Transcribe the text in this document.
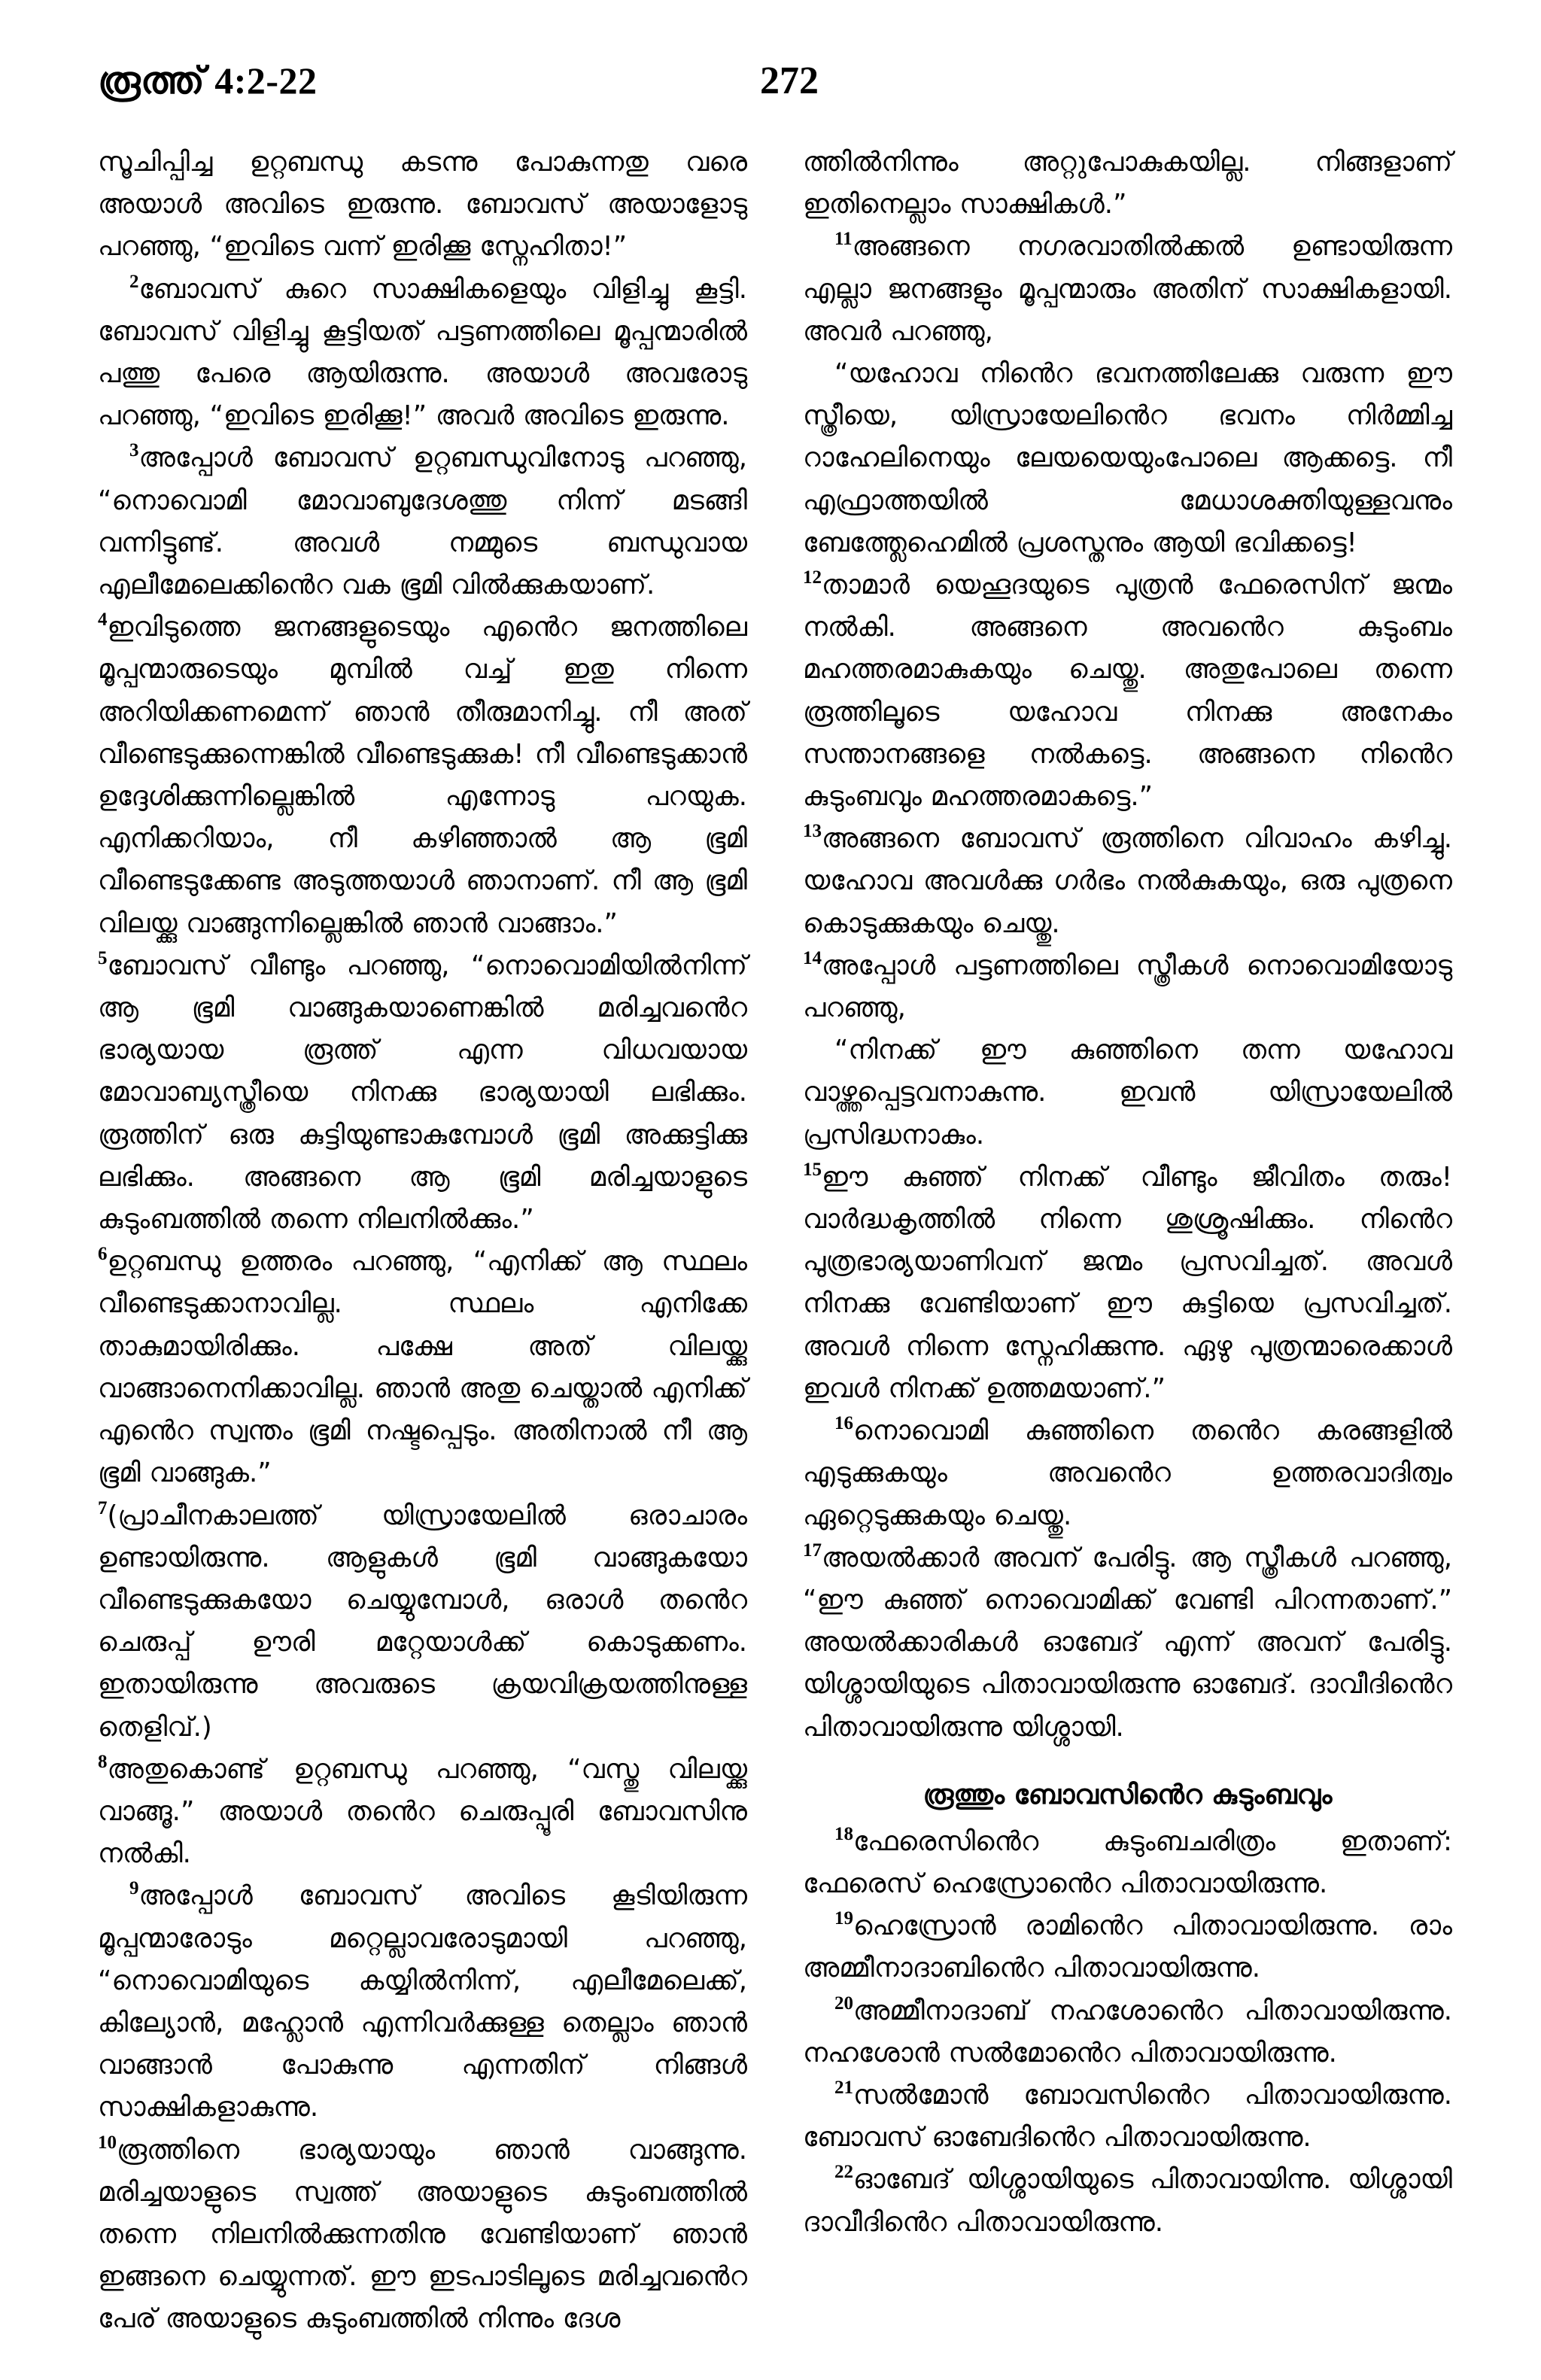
രൂത്ത് 4:2-22	272

സൂചിപ്പിച്ച ഉറ്റബന്ധു കടന്നു പോകുന്നതു വരെ അയാൾ അവിടെ ഇരുന്നു. ബോവസ് അയാളോടു പറഞ്ഞു, “ഇവിടെ വന്ന് ഇരിക്കൂ സ്നേഹിതാ!”

$^2$ബോവസ് കുറെ സാക്ഷികളെയും വിളിച്ചു കൂട്ടി. ബോവസ് വിളിച്ചു കൂട്ടിയത് പട്ടണത്തിലെ മൂപ്പന്മാരിൽ പത്തു പേരെ ആയിരുന്നു. അയാൾ അവരോടു പറഞ്ഞു, “ഇവിടെ ഇരിക്കൂ!” അവർ അവിടെ ഇരുന്നു.

$^3$അപ്പോൾ ബോവസ് ഉറ്റബന്ധുവിനോടു പറഞ്ഞു, “നൊവൊമി മോവാബുദേശത്തു നിന്ന് മടങ്ങി വന്നിട്ടുണ്ട്. അവൾ നമ്മുടെ ബന്ധുവായ എലീമേലെക്കിൻെറ വക ഭൂമി വിൽക്കുകയാണ്.

$^4$ഇവിടുത്തെ ജനങ്ങളുടെയും എൻെറ ജനത്തിലെ മൂപ്പന്മാരുടെയും മുമ്പിൽ വച്ച് ഇതു നിന്നെ അറിയിക്കണമെന്ന് ഞാൻ തീരുമാനിച്ചു. നീ അത് വീണ്ടെടുക്കുന്നെങ്കിൽ വീണ്ടെടുക്കുക! നീ വീണ്ടെടുക്കാൻ ഉദ്ദേശിക്കുന്നില്ലെങ്കിൽ എന്നോടു പറയുക. എനിക്കറിയാം, നീ കഴിഞ്ഞാൽ ആ ഭൂമി വീണ്ടെടുക്കേണ്ട അടുത്തയാൾ ഞാനാണ്. നീ ആ ഭൂമി വിലയ്ക്കു വാങ്ങുന്നില്ലെങ്കിൽ ഞാൻ വാങ്ങാം.”

$^5$ബോവസ് വീണ്ടും പറഞ്ഞു, “നൊവൊമിയിൽനിന്ന് ആ ഭൂമി വാങ്ങുകയാണെങ്കിൽ മരിച്ചവൻെറ ഭാര്യയായ രൂത്ത് എന്ന വിധവയായ മോവാബ്യസ്ത്രീയെ നിനക്കു ഭാര്യയായി ലഭിക്കും. രൂത്തിന് ഒരു കുട്ടിയുണ്ടാകുമ്പോൾ ഭൂമി അക്കുട്ടിക്കു ലഭിക്കും. അങ്ങനെ ആ ഭൂമി മരിച്ചയാളുടെ കുടുംബത്തിൽ തന്നെ നിലനിൽക്കും.”

$^6$ഉറ്റബന്ധു ഉത്തരം പറഞ്ഞു, “എനിക്ക് ആ സ്ഥലം വീണ്ടെടുക്കാനാവില്ല. സ്ഥലം എനിക്കേ താകുമായിരിക്കും. പക്ഷേ അത് വിലയ്ക്കു വാങ്ങാനെനിക്കാവില്ല. ഞാൻ അതു ചെയ്താൽ എനിക്ക് എൻെറ സ്വന്തം ഭൂമി നഷ്ടപ്പെടും. അതിനാൽ നീ ആ ഭൂമി വാങ്ങുക.”

$^7$(പ്രാചീനകാലത്ത് യിസ്രായേലിൽ ഒരാചാരം ഉണ്ടായിരുന്നു. ആളുകൾ ഭൂമി വാങ്ങുകയോ വീണ്ടെടുക്കുകയോ ചെയ്യുമ്പോൾ, ഒരാൾ തൻെറ ചെരുപ്പ് ഊരി മറ്റേയാൾക്ക് കൊടുക്കണം. ഇതായിരുന്നു അവരുടെ ക്രയവിക്രയത്തിനുള്ള തെളിവ്.)

$^8$അതുകൊണ്ട് ഉറ്റബന്ധു പറഞ്ഞു, “വസ്തു വിലയ്ക്കു വാങ്ങൂ.” അയാൾ തൻെറ ചെരുപ്പൂരി ബോവസിനു നൽകി.

$^9$അപ്പോൾ ബോവസ് അവിടെ കൂടിയിരുന്ന മൂപ്പന്മാരോടും മറ്റെല്ലാവരോടുമായി പറഞ്ഞു, “നൊവൊമിയുടെ കയ്യിൽനിന്ന്, എലീമേലെക്ക്, കില്യോൻ, മഹ്ലോൻ എന്നിവർക്കുള്ള തെല്ലാം ഞാൻ വാങ്ങാൻ പോകുന്നു എന്നതിന് നിങ്ങൾ സാക്ഷികളാകുന്നു.

$^{10}$രൂത്തിനെ ഭാര്യയായും ഞാൻ വാങ്ങുന്നു. മരിച്ചയാളുടെ സ്വത്ത് അയാളുടെ കുടുംബത്തിൽ തന്നെ നിലനിൽക്കുന്നതിനു വേണ്ടിയാണ് ഞാൻ ഇങ്ങനെ ചെയ്യുന്നത്. ഈ ഇടപാടിലൂടെ മരിച്ചവൻെറ പേര് അയാളുടെ കുടുംബത്തിൽ നിന്നും ദേശ

ത്തിൽനിന്നും അറ്റുപോകുകയില്ല. നിങ്ങളാണ് ഇതിനെല്ലാം സാക്ഷികൾ.”

$^{11}$അങ്ങനെ നഗരവാതിൽക്കൽ ഉണ്ടായിരുന്ന എല്ലാ ജനങ്ങളും മൂപ്പന്മാരും അതിന് സാക്ഷികളായി. അവർ പറഞ്ഞു,

“യഹോവ നിൻെറ ഭവനത്തിലേക്കു വരുന്ന ഈ സ്ത്രീയെ, യിസ്രായേലിൻെറ ഭവനം നിർമ്മിച്ച റാഹേലിനെയും ലേയയെയുംപോലെ ആക്കട്ടെ. നീ എഫ്രാത്തയിൽ മേധാശക്തിയുള്ളവനും ബേത്ത്ലേഹെമിൽ പ്രശസ്തനും ആയി ഭവിക്കട്ടെ!

$^{12}$താമാർ യെഹൂദയുടെ പുത്രൻ ഫേരെസിന് ജന്മം നൽകി. അങ്ങനെ അവൻെറ കുടുംബം മഹത്തരമാകുകയും ചെയ്തു. അതുപോലെ തന്നെ രൂത്തിലൂടെ യഹോവ നിനക്കു അനേകം സന്താനങ്ങളെ നൽകട്ടെ. അങ്ങനെ നിൻെറ കുടുംബവും മഹത്തരമാകട്ടെ.”

$^{13}$അങ്ങനെ ബോവസ് രൂത്തിനെ വിവാഹം കഴിച്ചു. യഹോവ അവൾക്കു ഗർഭം നൽകുകയും, ഒരു പുത്രനെ കൊടുക്കുകയും ചെയ്തു.

$^{14}$അപ്പോൾ പട്ടണത്തിലെ സ്ത്രീകൾ നൊവൊമിയോടു പറഞ്ഞു,

“നിനക്ക് ഈ കുഞ്ഞിനെ തന്ന യഹോവ വാഴ്ത്തപ്പെട്ടവനാകുന്നു. ഇവൻ യിസ്രായേലിൽ പ്രസിദ്ധനാകും.

$^{15}$ഈ കുഞ്ഞ് നിനക്ക് വീണ്ടും ജീവിതം തരും! വാർദ്ധകൃത്തിൽ നിന്നെ ശുശ്രൂഷിക്കും. നിൻെറ പുത്രഭാര്യയാണിവന് ജന്മം പ്രസവിച്ചത്. അവൾ നിനക്കു വേണ്ടിയാണ് ഈ കുട്ടിയെ പ്രസവിച്ചത്. അവൾ നിന്നെ സ്നേഹിക്കുന്നു. ഏഴു പുത്രന്മാരെക്കാൾ ഇവൾ നിനക്ക് ഉത്തമയാണ്.”

$^{16}$നൊവൊമി കുഞ്ഞിനെ തൻെറ കരങ്ങളിൽ എടുക്കുകയും അവൻെറ ഉത്തരവാദിത്വം ഏറ്റെടുക്കുകയും ചെയ്തു.

$^{17}$അയൽക്കാർ അവന് പേരിട്ടു. ആ സ്ത്രീകൾ പറഞ്ഞു, “ഈ കുഞ്ഞ് നൊവൊമിക്ക് വേണ്ടി പിറന്നതാണ്.” അയൽക്കാരികൾ ഓബേദ് എന്ന് അവന് പേരിട്ടു. യിശ്ശായിയുടെ പിതാവായിരുന്നു ഓബേദ്. ദാവീദിൻെറ പിതാവായിരുന്നു യിശ്ശായി.

രൂത്തും ബോവസിൻെറ കുടുംബവും

$^{18}$ഫേരെസിൻെറ കുടുംബചരിത്രം ഇതാണ്: ഫേരെസ് ഹെസ്രോൻെറ പിതാവായിരുന്നു.

$^{19}$ഹെസ്രോൻ രാമിൻെറ പിതാവായിരുന്നു. രാം അമ്മീനാദാബിൻെറ പിതാവായിരുന്നു.

$^{20}$അമ്മീനാദാബ് നഹശോൻെറ പിതാവായിരുന്നു. നഹശോൻ സൽമോൻെറ പിതാവായിരുന്നു.

$^{21}$സൽമോൻ ബോവസിൻെറ പിതാവായിരുന്നു. ബോവസ് ഓബേദിൻെറ പിതാവായിരുന്നു.

$^{22}$ഓബേദ് യിശ്ശായിയുടെ പിതാവായിന്നു. യിശ്ശായി ദാവീദിൻെറ പിതാവായിരുന്നു.
